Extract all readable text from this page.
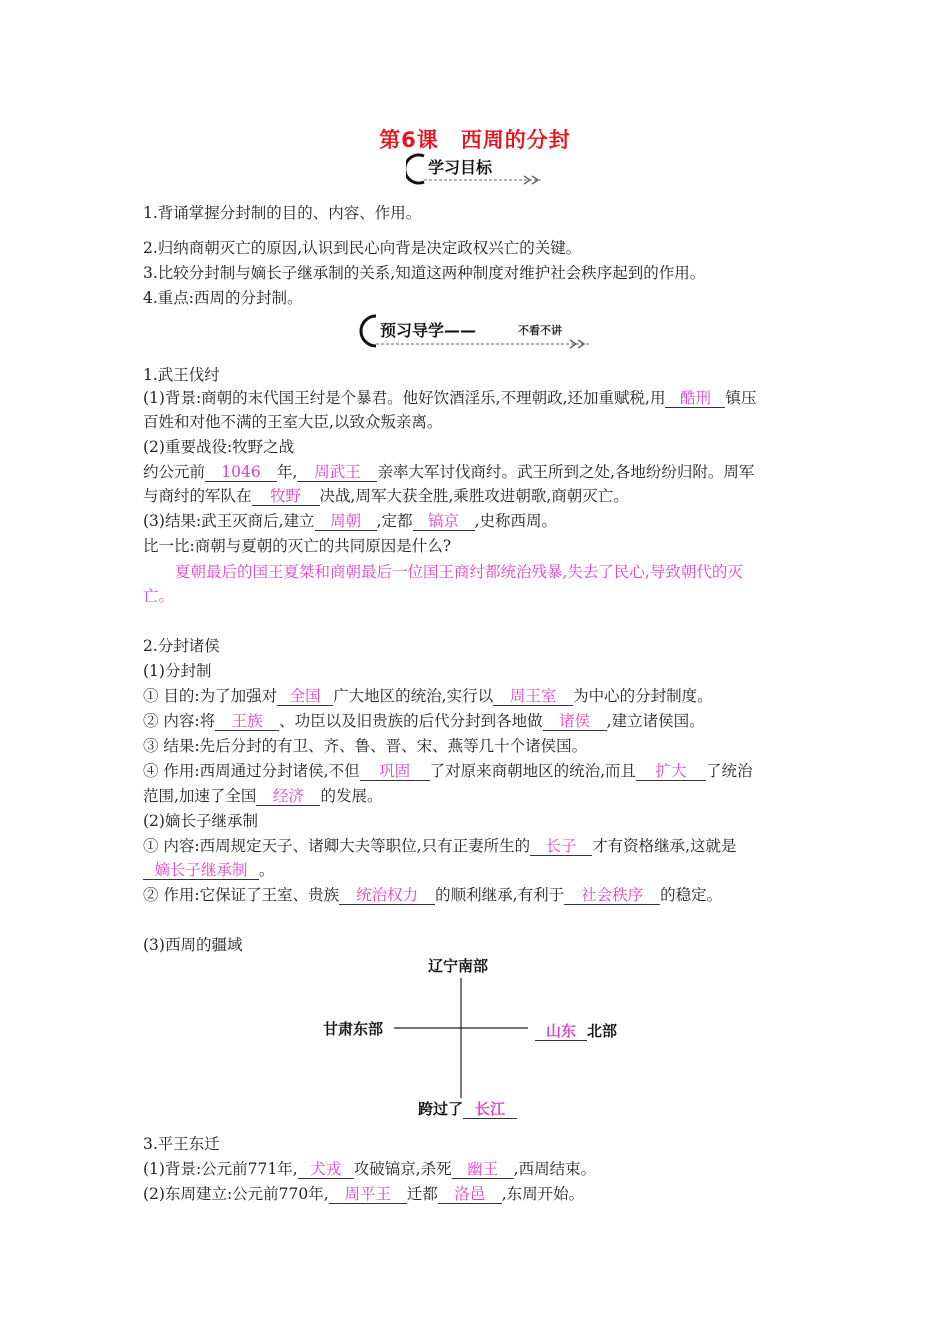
第6课　西周的分封
学习目标
1.背诵掌握分封制的目的、内容、作用。
2.归纳商朝灭亡的原因,认识到民心向背是决定政权兴亡的关键。
3.比较分封制与嫡长子继承制的关系,知道这两种制度对维护社会秩序起到的作用。
4.重点:西周的分封制。
预习导学——	不看不讲
1.武王伐纣
(1)背景:商朝的末代国王纣是个暴君。他好饮酒淫乐,不理朝政,还加重赋税,用 酷刑 镇压
百姓和对他不满的王室大臣,以致众叛亲离。
(2)重要战役:牧野之战
约公元前 1046 年, 周武王 亲率大军讨伐商纣。武王所到之处,各地纷纷归附。周军
与商纣的军队在 牧野 决战,周军大获全胜,乘胜攻进朝歌,商朝灭亡。
(3)结果:武王灭商后,建立 周朝 ,定都 镐京 ,史称西周。
比一比:商朝与夏朝的灭亡的共同原因是什么?
夏朝最后的国王夏桀和商朝最后一位国王商纣都统治残暴,失去了民心,导致朝代的灭
亡。
2.分封诸侯
(1)分封制
① 目的:为了加强对 全国 广大地区的统治,实行以 周王室 为中心的分封制度。
② 内容:将 王族 、功臣以及旧贵族的后代分封到各地做 诸侯 ,建立诸侯国。
③ 结果:先后分封的有卫、齐、鲁、晋、宋、燕等几十个诸侯国。
④ 作用:西周通过分封诸侯,不但 巩固 了对原来商朝地区的统治,而且 扩大 了统治
范围,加速了全国 经济 的发展。
(2)嫡长子继承制
① 内容:西周规定天子、诸卿大夫等职位,只有正妻所生的 长子 才有资格继承,这就是
嫡长子继承制 。
② 作用:它保证了王室、贵族 统治权力 的顺利继承,有利于 社会秩序 的稳定。
(3)西周的疆域
辽宁南部
甘肃东部	山东 北部
跨过了 长江
3.平王东迁
(1)背景:公元前771年, 犬戎 攻破镐京,杀死 幽王 ,西周结束。
(2)东周建立:公元前770年, 周平王 迁都 洛邑 ,东周开始。
